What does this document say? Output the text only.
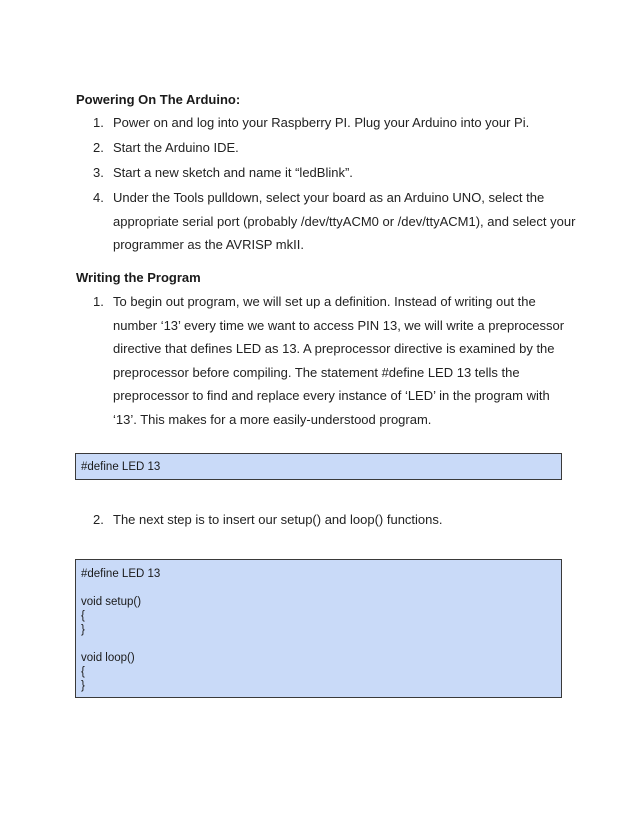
Powering On The Arduino:
1. Power on and log into your Raspberry PI. Plug your Arduino into your Pi.
2. Start the Arduino IDE.
3. Start a new sketch and name it “ledBlink”.
4. Under the Tools pulldown, select your board as an Arduino UNO, select the appropriate serial port (probably /dev/ttyACM0 or /dev/ttyACM1), and select your programmer as the AVRISP mkII.
Writing the Program
1. To begin out program, we will set up a definition. Instead of writing out the number ‘13’ every time we want to access PIN 13, we will write a preprocessor directive that defines LED as 13. A preprocessor directive is examined by the preprocessor before compiling. The statement #define LED 13 tells the preprocessor to find and replace every instance of ‘LED’ in the program with ‘13’. This makes for a more easily-understood program.
#define LED 13
2. The next step is to insert our setup() and loop() functions.
#define LED 13
void setup()
{
}
void loop()
{
}
